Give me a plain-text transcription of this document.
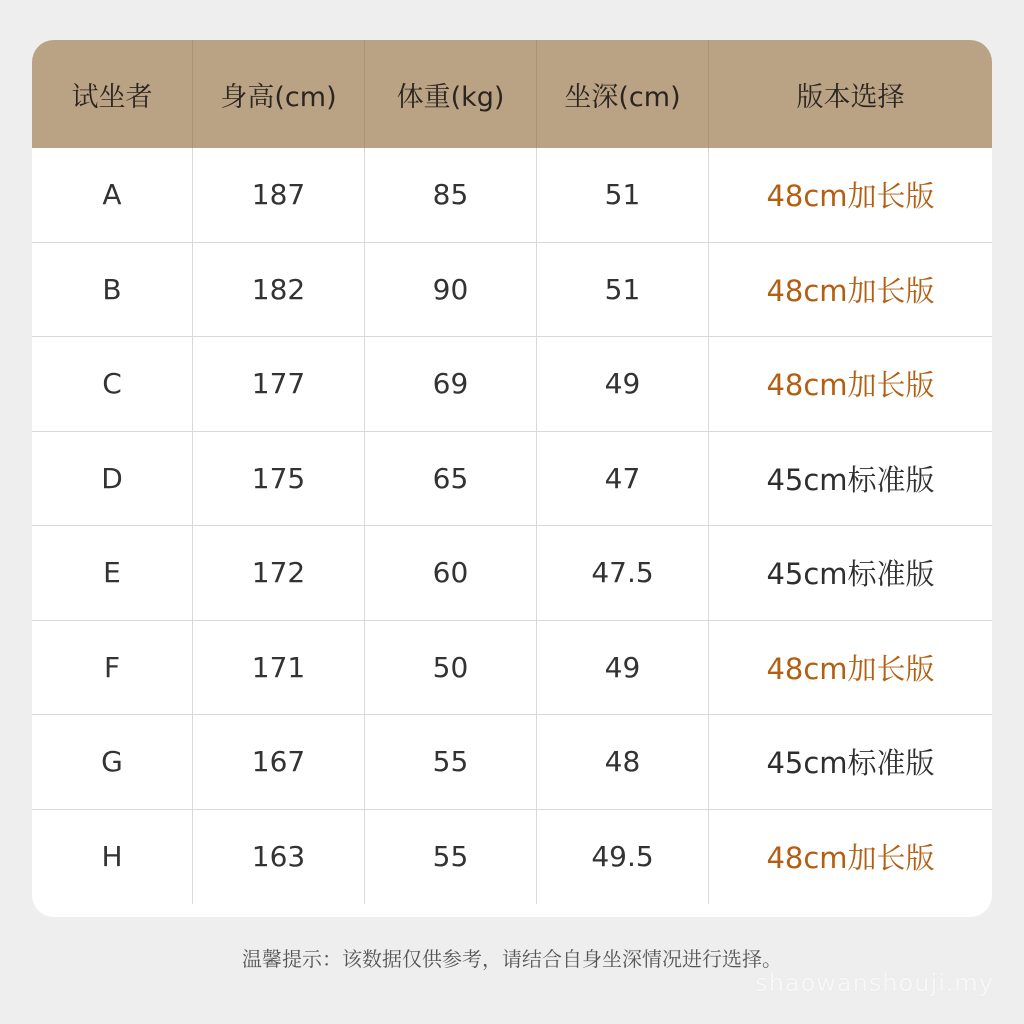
试坐者	身高(cm)	体重(kg)	坐深(cm)	版本选择
A	187	85	51	48cm加长版
B	182	90	51	48cm加长版
C	177	69	49	48cm加长版
D	175	65	47	45cm标准版
E	172	60	47.5	45cm标准版
F	171	50	49	48cm加长版
G	167	55	48	45cm标准版
H	163	55	49.5	48cm加长版
温馨提示：该数据仅供参考，请结合自身坐深情况进行选择。
shaowanshouji.my
